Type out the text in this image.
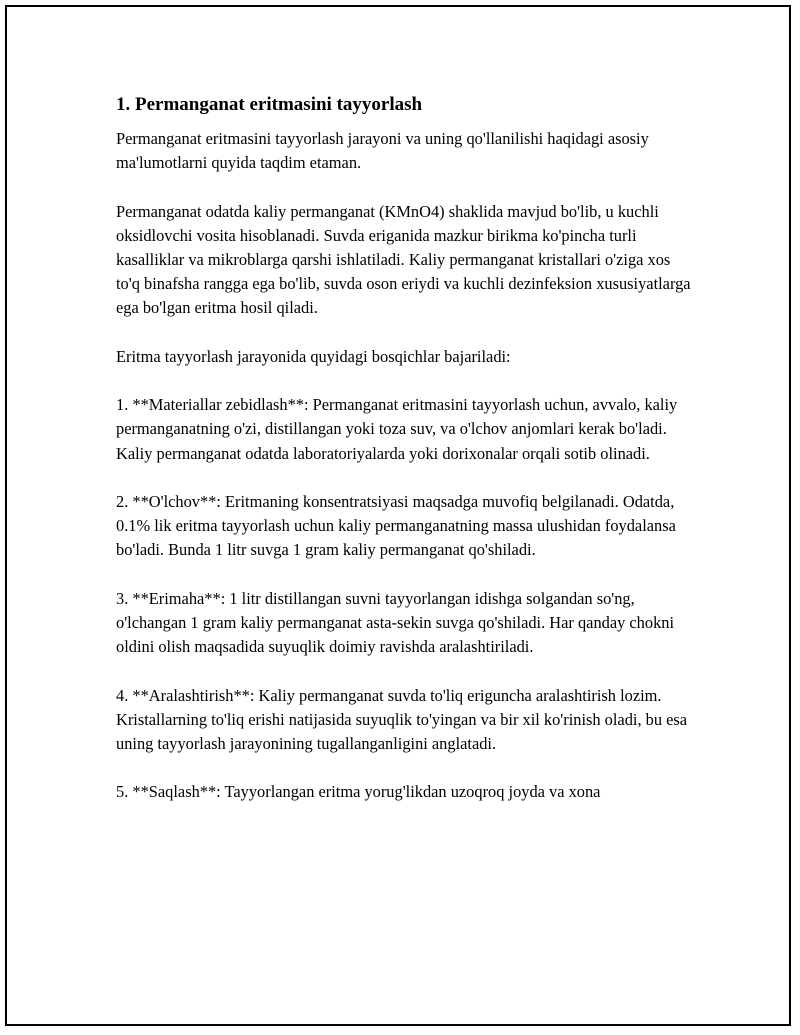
1. Permanganat eritmasini tayyorlash

Permanganat eritmasini tayyorlash jarayoni va uning qo'llanilishi haqidagi asosiy ma'lumotlarni quyida taqdim etaman.

Permanganat odatda kaliy permanganat (KMnO4) shaklida mavjud bo'lib, u kuchli oksidlovchi vosita hisoblanadi. Suvda eriganida mazkur birikma ko'pincha turli kasalliklar va mikroblarga qarshi ishlatiladi. Kaliy permanganat kristallari o'ziga xos to'q binafsha rangga ega bo'lib, suvda oson eriydi va kuchli dezinfeksion xususiyatlarga ega bo'lgan eritma hosil qiladi.

Eritma tayyorlash jarayonida quyidagi bosqichlar bajariladi:

1. **Materiallar zebidlash**: Permanganat eritmasini tayyorlash uchun, avvalo, kaliy permanganatning o'zi, distillangan yoki toza suv, va o'lchov anjomlari kerak bo'ladi. Kaliy permanganat odatda laboratoriyalarda yoki dorixonalar orqali sotib olinadi.

2. **O'lchov**: Eritmaning konsentratsiyasi maqsadga muvofiq belgilanadi. Odatda, 0.1% lik eritma tayyorlash uchun kaliy permanganatning massa ulushidan foydalansa bo'ladi. Bunda 1 litr suvga 1 gram kaliy permanganat qo'shiladi.

3. **Erimaha**: 1 litr distillangan suvni tayyorlangan idishga solgandan so'ng, o'lchangan 1 gram kaliy permanganat asta-sekin suvga qo'shiladi. Har qanday chokni oldini olish maqsadida suyuqlik doimiy ravishda aralashtiriladi.

4. **Aralashtirish**: Kaliy permanganat suvda to'liq eriguncha aralashtirish lozim. Kristallarning to'liq erishi natijasida suyuqlik to'yingan va bir xil ko'rinish oladi, bu esa uning tayyorlash jarayonining tugallanganligini anglatadi.

5. **Saqlash**: Tayyorlangan eritma yorug'likdan uzoqroq joyda va xona
